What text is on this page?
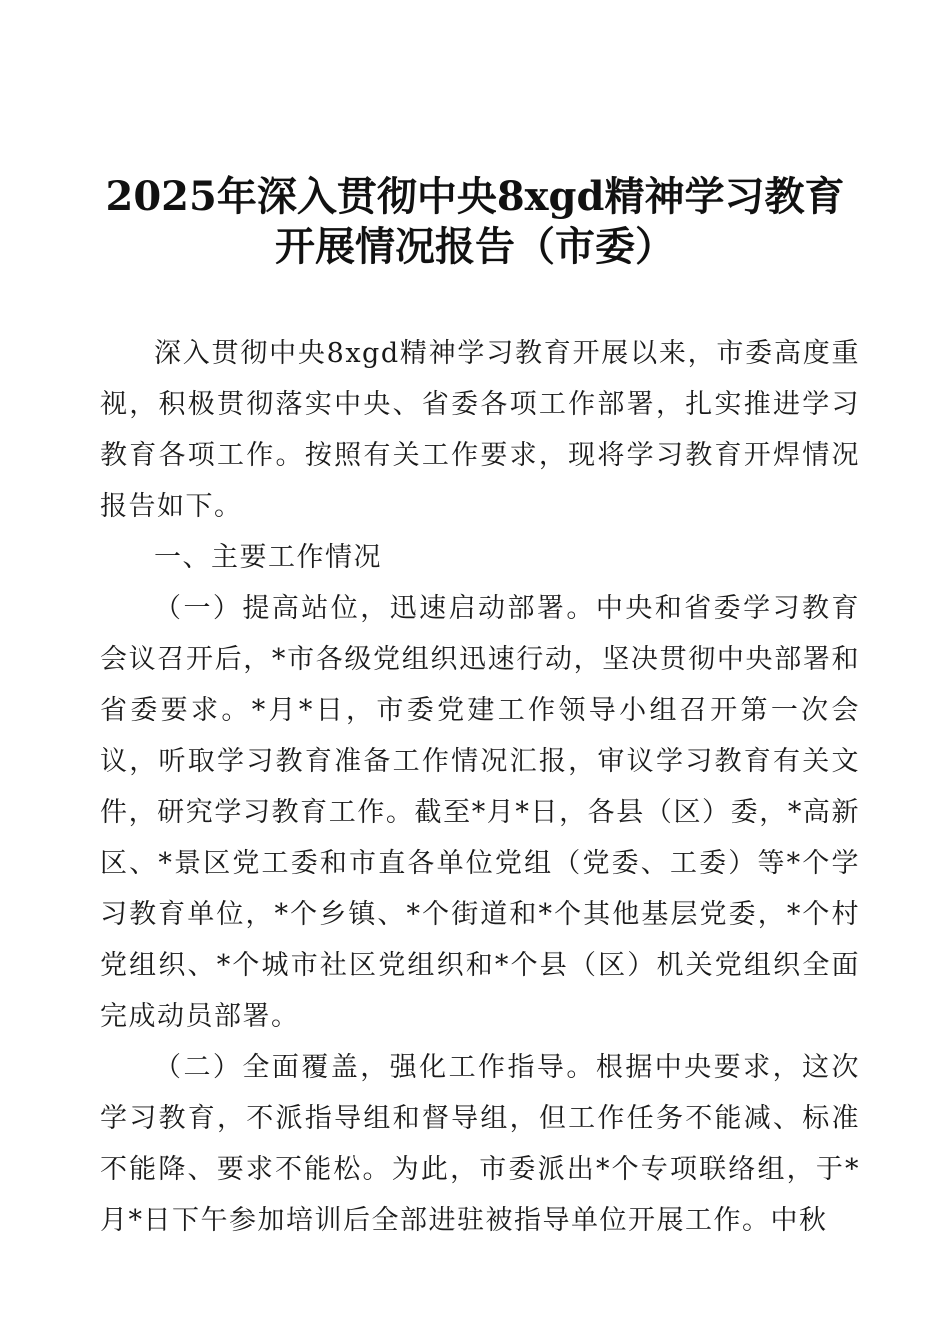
2025年深入贯彻中央8xgd精神学习教育
开展情况报告（市委）

深入贯彻中央8xgd精神学习教育开展以来，市委高度重视，积极贯彻落实中央、省委各项工作部署，扎实推进学习教育各项工作。按照有关工作要求，现将学习教育开焊情况报告如下。

一、主要工作情况

（一）提高站位，迅速启动部署。中央和省委学习教育会议召开后，*市各级党组织迅速行动，坚决贯彻中央部署和省委要求。*月*日，市委党建工作领导小组召开第一次会议，听取学习教育准备工作情况汇报，审议学习教育有关文件，研究学习教育工作。截至*月*日，各县（区）委，*高新区、*景区党工委和市直各单位党组（党委、工委）等*个学习教育单位，*个乡镇、*个街道和*个其他基层党委，*个村党组织、*个城市社区党组织和*个县（区）机关党组织全面完成动员部署。

（二）全面覆盖，强化工作指导。根据中央要求，这次学习教育，不派指导组和督导组，但工作任务不能减、标准不能降、要求不能松。为此，市委派出*个专项联络组，于*月*日下午参加培训后全部进驻被指导单位开展工作。中秋
